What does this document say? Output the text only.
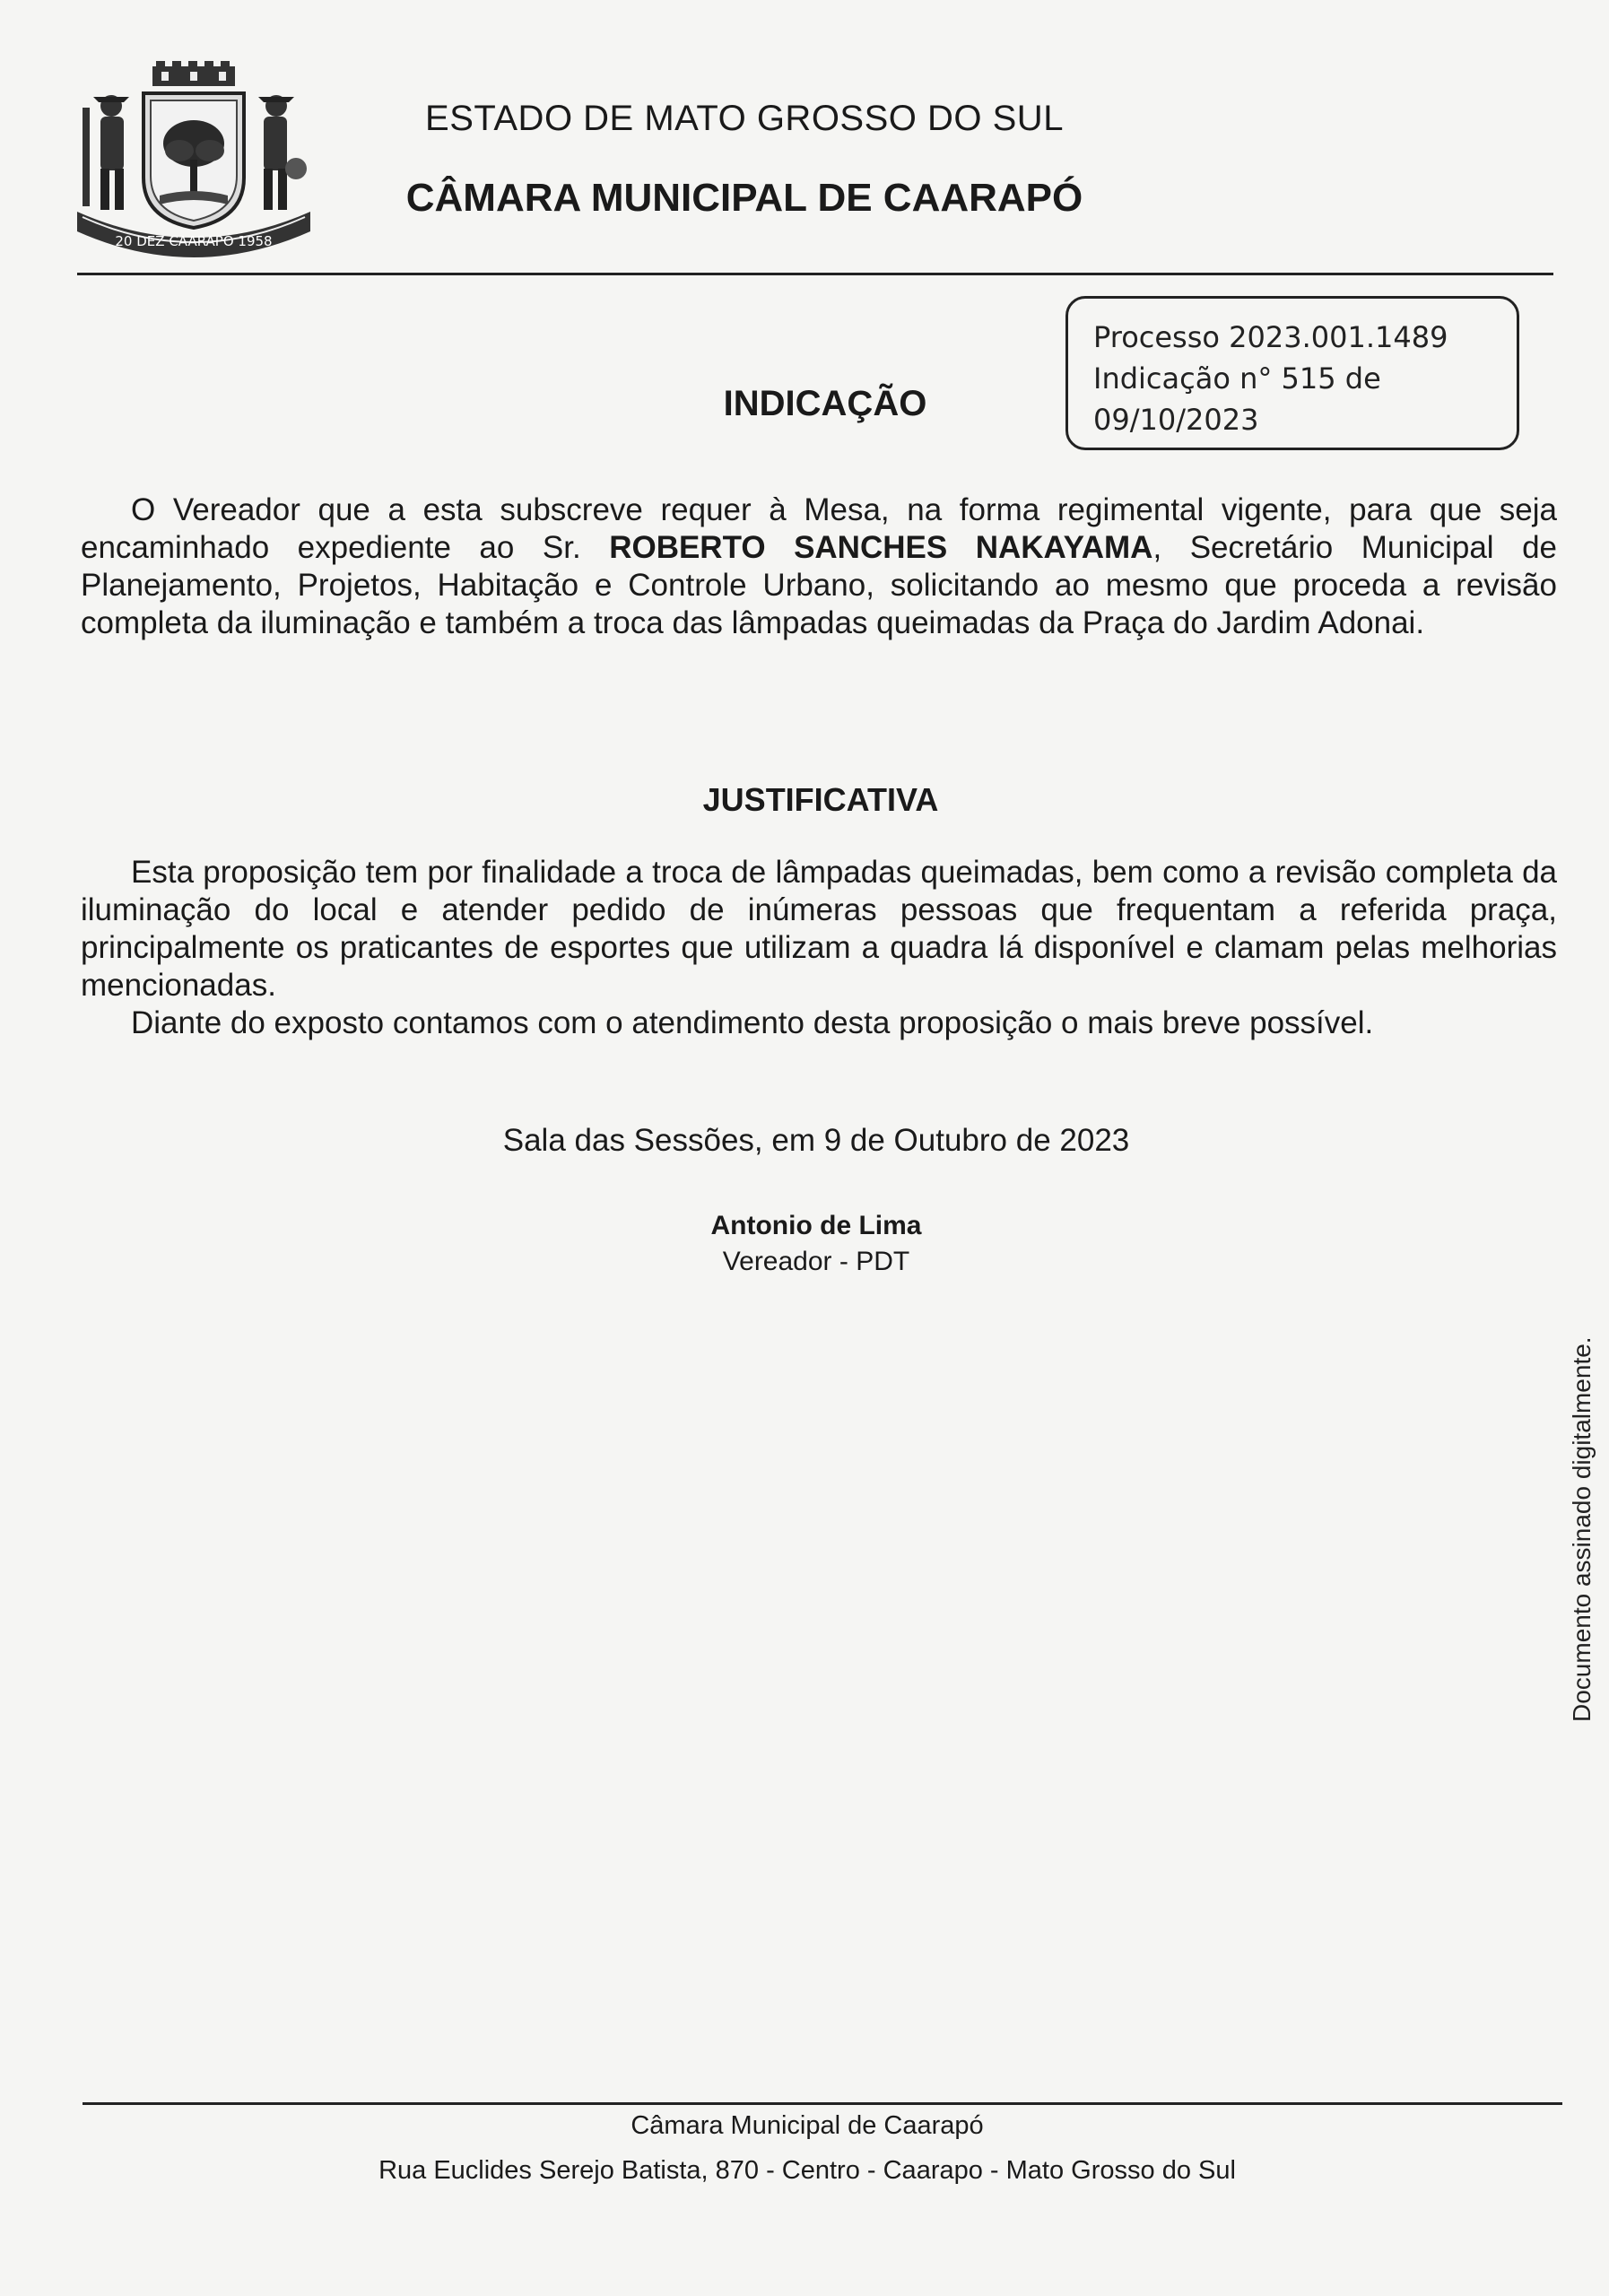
20 DEZ CAARAPÓ 1958
ESTADO DE MATO GROSSO DO SUL
CÂMARA MUNICIPAL DE CAARAPÓ
Processo 2023.001.1489
Indicação n° 515 de
09/10/2023
INDICAÇÃO
O Vereador que a esta subscreve requer à Mesa, na forma regimental vigente, para que seja encaminhado expediente ao Sr. ROBERTO SANCHES NAKAYAMA, Secretário Municipal de Planejamento, Projetos, Habitação e Controle Urbano, solicitando ao mesmo que proceda a revisão completa da iluminação e também a troca das lâmpadas queimadas da Praça do Jardim Adonai.
JUSTIFICATIVA
Esta proposição tem por finalidade a troca de lâmpadas queimadas, bem como a revisão completa da iluminação do local e atender pedido de inúmeras pessoas que frequentam a referida praça, principalmente os praticantes de esportes que utilizam a quadra lá disponível e clamam pelas melhorias mencionadas.
Diante do exposto contamos com o atendimento desta proposição o mais breve possível.
Sala das Sessões, em 9 de Outubro de 2023
Antonio de Lima
Vereador - PDT
Documento assinado digitalmente.
Câmara Municipal de Caarapó
Rua Euclides Serejo Batista, 870 - Centro - Caarapo - Mato Grosso do Sul
